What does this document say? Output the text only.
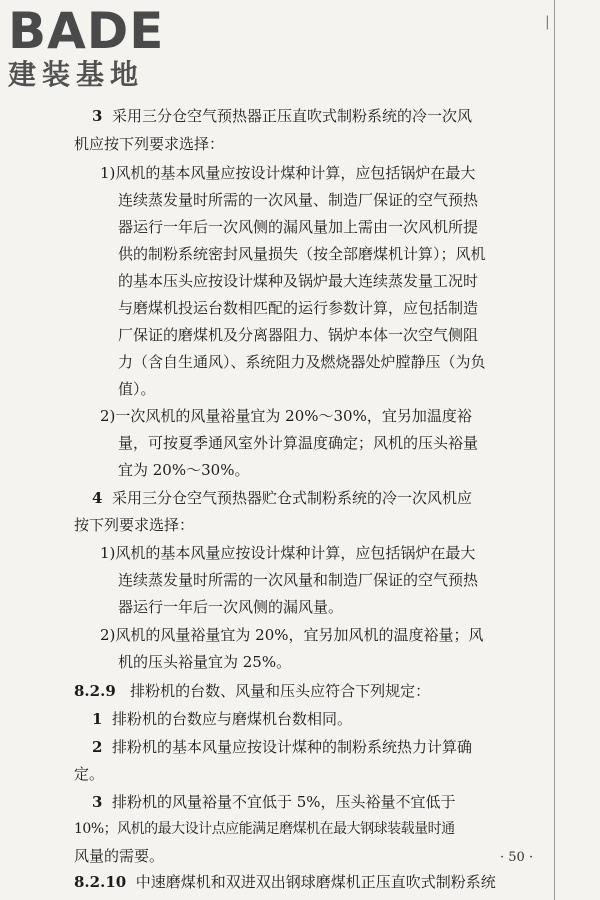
BADE
建装基地
|
3 采用三分仓空气预热器正压直吹式制粉系统的冷一次风
机应按下列要求选择：
1)风机的基本风量应按设计煤种计算，应包括锅炉在最大
连续蒸发量时所需的一次风量、制造厂保证的空气预热
器运行一年后一次风侧的漏风量加上需由一次风机所提
供的制粉系统密封风量损失（按全部磨煤机计算）；风机
的基本压头应按设计煤种及锅炉最大连续蒸发量工况时
与磨煤机投运台数相匹配的运行参数计算，应包括制造
厂保证的磨煤机及分离器阻力、锅炉本体一次空气侧阻
力（含自生通风）、系统阻力及燃烧器处炉膛静压（为负
值）。
2)一次风机的风量裕量宜为 20%～30%，宜另加温度裕
量，可按夏季通风室外计算温度确定；风机的压头裕量
宜为 20%～30%。
4 采用三分仓空气预热器贮仓式制粉系统的冷一次风机应
按下列要求选择：
1)风机的基本风量应按设计煤种计算，应包括锅炉在最大
连续蒸发量时所需的一次风量和制造厂保证的空气预热
器运行一年后一次风侧的漏风量。
2)风机的风量裕量宜为 20%，宜另加风机的温度裕量；风
机的压头裕量宜为 25%。
8.2.9 排粉机的台数、风量和压头应符合下列规定：
1 排粉机的台数应与磨煤机台数相同。
2 排粉机的基本风量应按设计煤种的制粉系统热力计算确
定。
3 排粉机的风量裕量不宜低于 5%，压头裕量不宜低于
10%；风机的最大设计点应能满足磨煤机在最大钢球装载量时通
· 50 ·
风量的需要。
8.2.10 中速磨煤机和双进双出钢球磨煤机正压直吹式制粉系统
